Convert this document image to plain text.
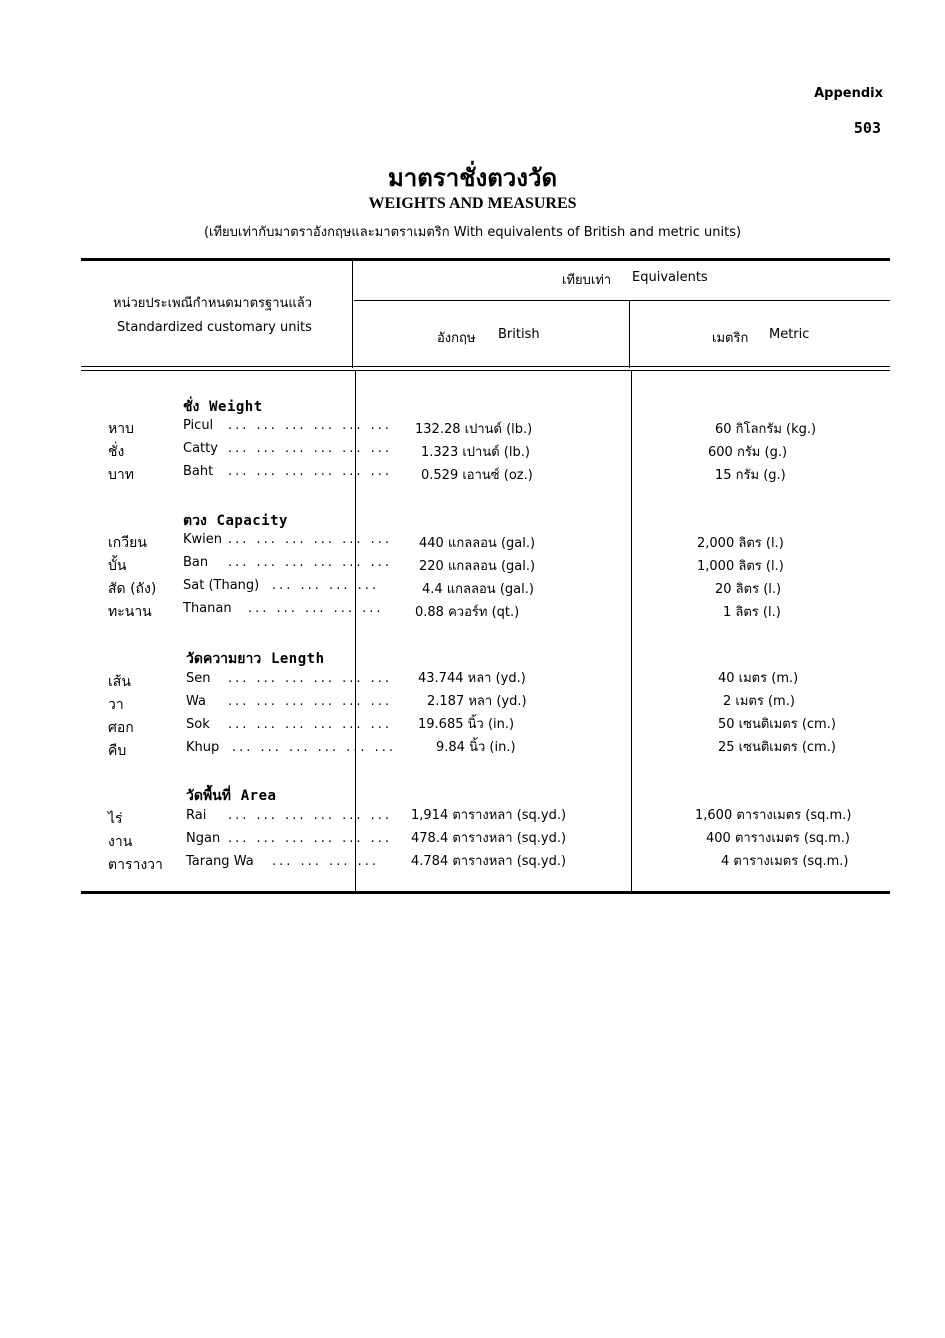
Appendix
503
มาตราชั่งตวงวัด
WEIGHTS AND MEASURES
(เทียบเท่ากับมาตราอังกฤษและมาตราเมตริก With equivalents of British and metric units)
หน่วยประเพณีกำหนดมาตรฐานแล้ว
Standardized customary units
เทียบเท่า Equivalents
อังกฤษ British	เมตริก Metric
ชั่ง Weight
หาบ	Picul ... ... ... ... ... ... 132.28 เปานด์ (lb.)	60 กิโลกรัม (kg.)
ชั่ง	Catty ... ... ... ... ... ... 1.323 เปานด์ (lb.)	600 กรัม (g.)
บาท	Baht ... ... ... ... ... ... 0.529 เอานซ์ (oz.)	15 กรัม (g.)
ตวง Capacity
เกวียน	Kwien ... ... ... ... ... ... 440 แกลลอน (gal.)	2,000 ลิตร (l.)
บั้น	Ban ... ... ... ... ... ... 220 แกลลอน (gal.)	1,000 ลิตร (l.)
สัด (ถัง) Sat (Thang) ... ... ... ...	4.4 แกลลอน (gal.)	20 ลิตร (l.)
ทะนาน Thanan ... ... ... ... ... 0.88 ควอร์ท (qt.)	1 ลิตร (l.)
วัดความยาว Length
เส้น	Sen ... ... ... ... ... ... 43.744 หลา (yd.)	40 เมตร (m.)
วา	Wa ... ... ... ... ... ...	2.187 หลา (yd.)	2 เมตร (m.)
ศอก	Sok ... ... ... ... ... ... 19.685 นิ้ว (in.)	50 เซนติเมตร (cm.)
คืบ	Khup ... ... ... ... ... ...	9.84 นิ้ว (in.)	25 เซนติเมตร (cm.)
วัดพื้นที่ Area
ไร่	Rai ... ... ... ... ... ... 1,914 ตารางหลา (sq.yd.)	1,600 ตารางเมตร (sq.m.)
งาน	Ngan ... ... ... ... ... ... 478.4 ตารางหลา (sq.yd.)	400 ตารางเมตร (sq.m.)
ตารางวา Tarang Wa ... ... ... ... 4.784 ตารางหลา (sq.yd.)	4 ตารางเมตร (sq.m.)
